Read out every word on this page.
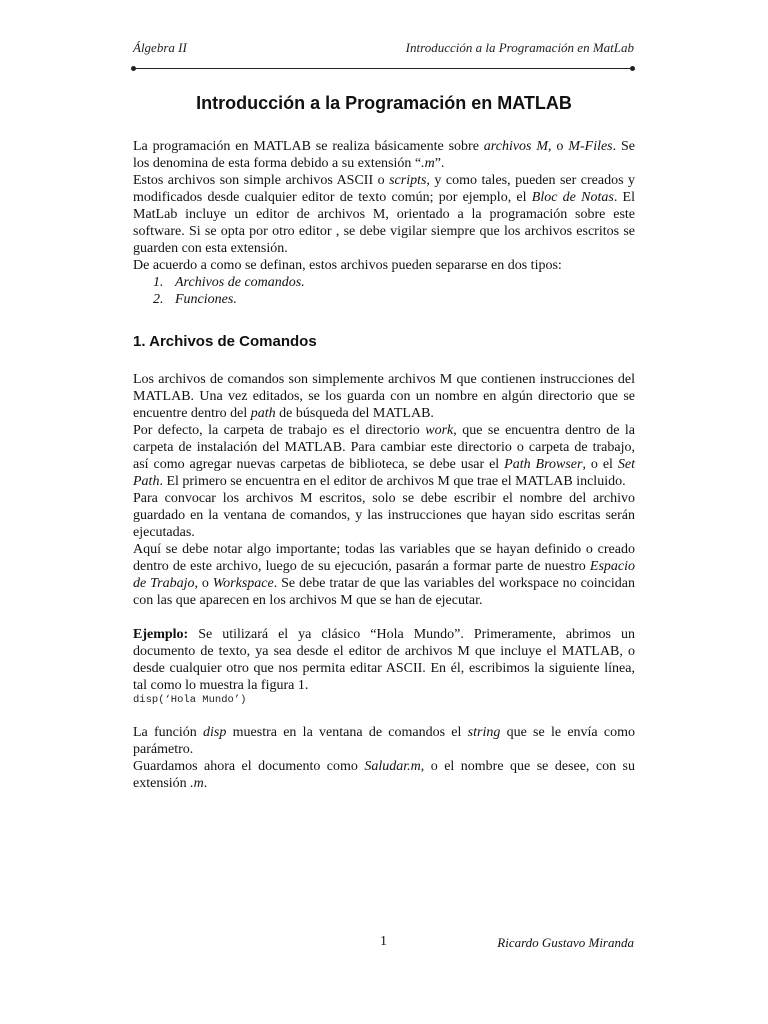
Álgebra II	Introducción a la Programación en MatLab
Introducción a la Programación en MATLAB

La programación en MATLAB se realiza básicamente sobre archivos M, o M-Files. Se los denomina de esta forma debido a su extensión “.m”.

Estos archivos son simple archivos ASCII o scripts, y como tales, pueden ser creados y modificados desde cualquier editor de texto común; por ejemplo, el Bloc de Notas. El MatLab incluye un editor de archivos M, orientado a la programación sobre este software. Si se opta por otro editor , se debe vigilar siempre que los archivos escritos se guarden con esta extensión.

De acuerdo a como se definan, estos archivos pueden separarse en dos tipos:

1. Archivos de comandos.
2. Funciones.
1. Archivos de Comandos

Los archivos de comandos son simplemente archivos M que contienen instrucciones del MATLAB. Una vez editados, se los guarda con un nombre en algún directorio que se encuentre dentro del path de búsqueda del MATLAB.

Por defecto, la carpeta de trabajo es el directorio work, que se encuentra dentro de la carpeta de instalación del MATLAB. Para cambiar este directorio o carpeta de trabajo, así como agregar nuevas carpetas de biblioteca, se debe usar el Path Browser, o el Set Path. El primero se encuentra en el editor de archivos M que trae el MATLAB incluido.

Para convocar los archivos M escritos, solo se debe escribir el nombre del archivo guardado en la ventana de comandos, y las instrucciones que hayan sido escritas serán ejecutadas.

Aquí se debe notar algo importante; todas las variables que se hayan definido o creado dentro de este archivo, luego de su ejecución, pasarán a formar parte de nuestro Espacio de Trabajo, o Workspace. Se debe tratar de que las variables del workspace no coincidan con las que aparecen en los archivos M que se han de ejecutar.

Ejemplo: Se utilizará el ya clásico “Hola Mundo”. Primeramente, abrimos un documento de texto, ya sea desde el editor de archivos M que incluye el MATLAB, o desde cualquier otro que nos permita editar ASCII. En él, escribimos la siguiente línea, tal como lo muestra la figura 1.

disp(‘Hola Mundo’)

La función disp muestra en la ventana de comandos el string que se le envía como parámetro.

Guardamos ahora el documento como Saludar.m, o el nombre que se desee, con su extensión .m.

1	Ricardo Gustavo Miranda
